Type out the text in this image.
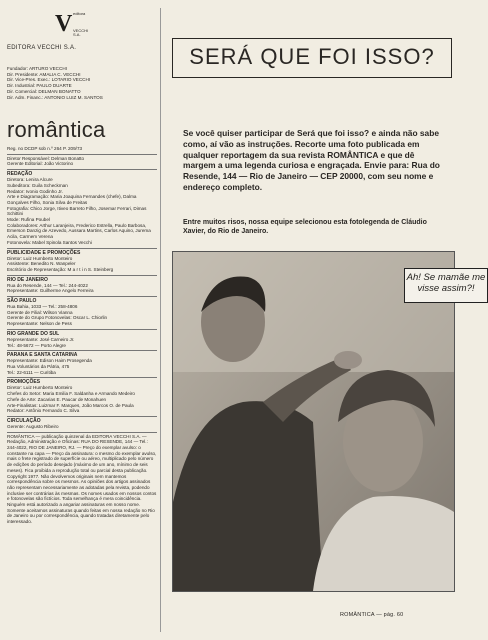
V editora
VECCHI S.A.
EDITORA VECCHI S.A.
Fundador: ARTURO VECCHI
Dir. Presidente: AMALIA C. VECCHI
Dir. Vice-Pres. Exec.: LOTARIO VECCHI
Dir. Industrial: PAULO DUARTE
Dir. Comercial: DELMAN BONATTO
Dir. Adm. Financ.: ANTONIO LUIZ M. SANTOS
romântica
Reg. no DCDP sob n.º 264 P. 209/73
Diretor Responsável: Delman Bonatto
Gerente Editorial: João Victorino
REDAÇÃO
Diretora: Lenira Alcure
Subeditora: Guila Scheckman
Redator: Ivonio Godinho Jr.
Arte e Diagramação: Maria Joaquina Fernandes (chefe), Dalma Gonçalves Filho, Sonia Silva de Freitas
Fotografia: Chico Jorge, Itiveo Barreto Filho, Josemar Ferrari, Dimas Schittini
Mode: Rufina Poubel
Colaboradores: Arthur Laranjeira, Frederico Estrella, Paulo Barbosa, Emerson Danzig de Azevedo, Aussara Martins, Carlos Aquino, Jurema Acila, Carmem Verena
Fotonovela: Mabel Spinola Santos Vecchi
PUBLICIDADE E PROMOÇÕES
Diretor: Luiz Humberto Monteiro
Assistente: Benedito N. Wanpeler
Escritório de Representação: M a r t i n S. Steinberg
RIO DE JANEIRO
Rua do Resende, 144 — Tel.: 244-4022
Representante: Guilherme Angelo Ferreira
SÃO PAULO
Rua Bahia, 1033 — Tel.: 258-4806
Gerente de Filial: Wilson Vianna
Gerente do Grupo Fotonovelas: Oscar L. Chiorlin
Representante: Nelson de Pess
RIO GRANDE DO SUL
Representante: José Carneiro Jr.
Tel.: 48-5672 — Porto Alegre
PARANA E SANTA CATARINA
Representante: Edison Haim Prosegenda
Rua Voluntários da Pátria, 475
Tel.: 22-6111 — Curitiba
PROMOÇÕES
Diretor: Luiz Humberto Monteiro
Chefes do Setor: Maria Emilia F. Saldanha e Armando Medeiro
Chefe de Arte: Zacarias E. Paucar de Monahuen
Arte-Finalistas: Luizmar F. Marques, João Marcos O. de Paula
Redator: Antônio Fernando C. Silva
CIRCULAÇÃO
Gerente: Augusto Ribeiro
ROMÂNTICA — publicação quinzenal da EDITORA VECCHI S.A. — Redação, Administração e Oficinas: RUA DO RESENDE, 144 — Tel.: 244-4022, RIO DE JANEIRO, RJ. — Preço do exemplar avulso: o constante na capa — Preço da assinatura: o mesmo do exemplar avulso, mais o frete registrado de superfície ou aéreo, multiplicado pelo número de edições do período desejado (máximo de um ano, mínimo de seis meses). Fica proibida a reprodução total ou parcial desta publicação. Copyright 1977. Não devolvemos originais nem mantemos correspondência sobre os mesmos. As opiniões dos artigos assinados não representam necessariamente as adotadas pela revista, podendo inclusive ser contrárias às mesmas. Os nomes usados em nossos contos e fotonovelas são fictícios. Toda semelhança é mera coincidência. Ninguém está autorizado a angariar assinaturas em nosso nome. Somente aceitamos assinaturas quando feitas em nossa redação no Rio de Janeiro ou por correspondência, quando tratadas diretamente pelo interessado.
SERÁ QUE FOI ISSO?
Se você quiser participar de Será que foi isso? e ainda não sabe como, aí vão as instruções. Recorte uma foto publicada em qualquer reportagem da sua revista ROMÂNTICA e que dê margem a uma legenda curiosa e engraçada. Envie para: Rua do Resende, 144 — Rio de Janeiro — CEP 20000, com seu nome e endereço completo.
Entre muitos risos, nossa equipe selecionou esta fotolegenda de Cláudio Xavier, do Rio de Janeiro.
Ah! Se mamãe me visse assim?!
ROMÂNTICA — pág. 60
